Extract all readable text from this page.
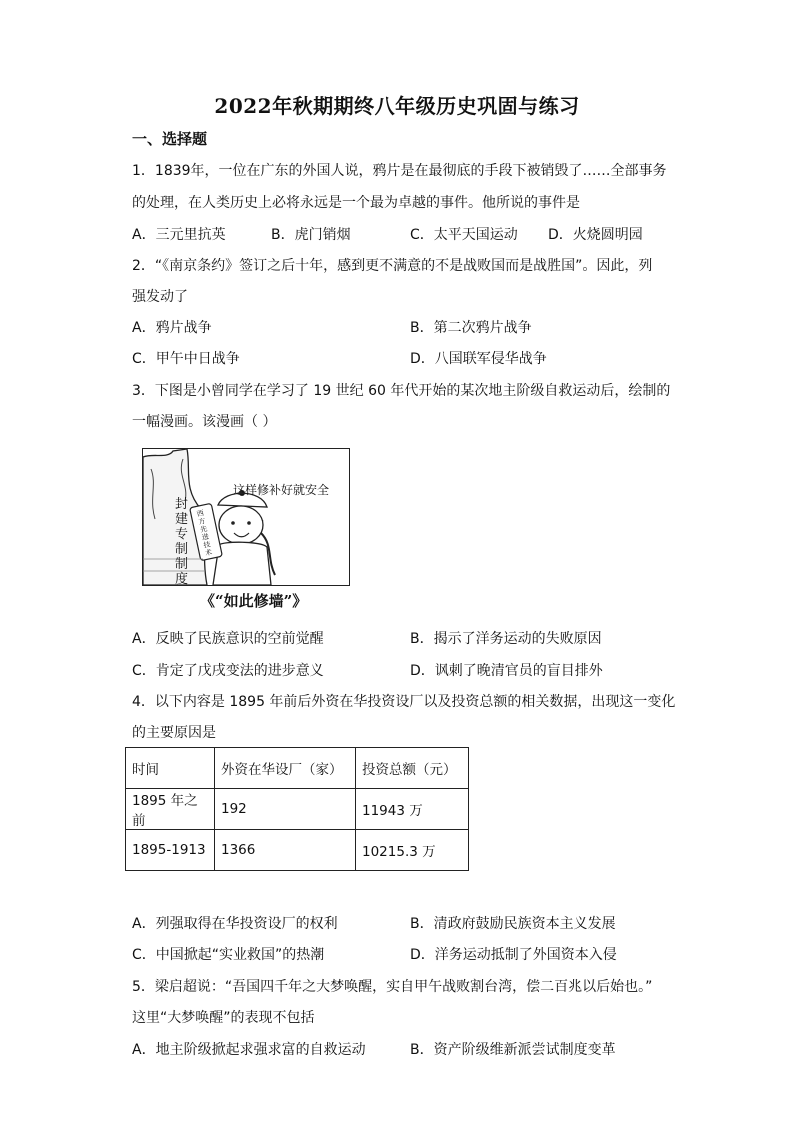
2022年秋期期终八年级历史巩固与练习
一、选择题
1．1839年，一位在广东的外国人说，鸦片是在最彻底的手段下被销毁了……全部事务
的处理，在人类历史上必将永远是一个最为卓越的事件。他所说的事件是
A．三元里抗英	B．虎门销烟	C．太平天国运动 D．火烧圆明园
2．“《南京条约》签订之后十年，感到更不满意的不是战败国而是战胜国”。因此，列
强发动了
A．鸦片战争	B．第二次鸦片战争
C．甲午中日战争	D．八国联军侵华战争
3．下图是小曾同学在学习了 19 世纪 60 年代开始的某次地主阶级自救运动后，绘制的
一幅漫画。该漫画（ ）
这样修补好就安全
封建专制制度
西方先进技术
《“如此修墙”》
A．反映了民族意识的空前觉醒	B．揭示了洋务运动的失败原因
C．肯定了戊戌变法的进步意义	D．讽刺了晚清官员的盲目排外
4．以下内容是 1895 年前后外资在华投资设厂以及投资总额的相关数据，出现这一变化
的主要原因是
时间	外资在华设厂（家）	投资总额（元）
1895 年之前	192	11943 万
1895-1913	1366	10215.3 万
A．列强取得在华投资设厂的权利	B．清政府鼓励民族资本主义发展
C．中国掀起“实业救国”的热潮	D．洋务运动抵制了外国资本入侵
5．梁启超说：“吾国四千年之大梦唤醒，实自甲午战败割台湾，偿二百兆以后始也。”
这里“大梦唤醒”的表现不包括
A．地主阶级掀起求强求富的自救运动	B．资产阶级维新派尝试制度变革
